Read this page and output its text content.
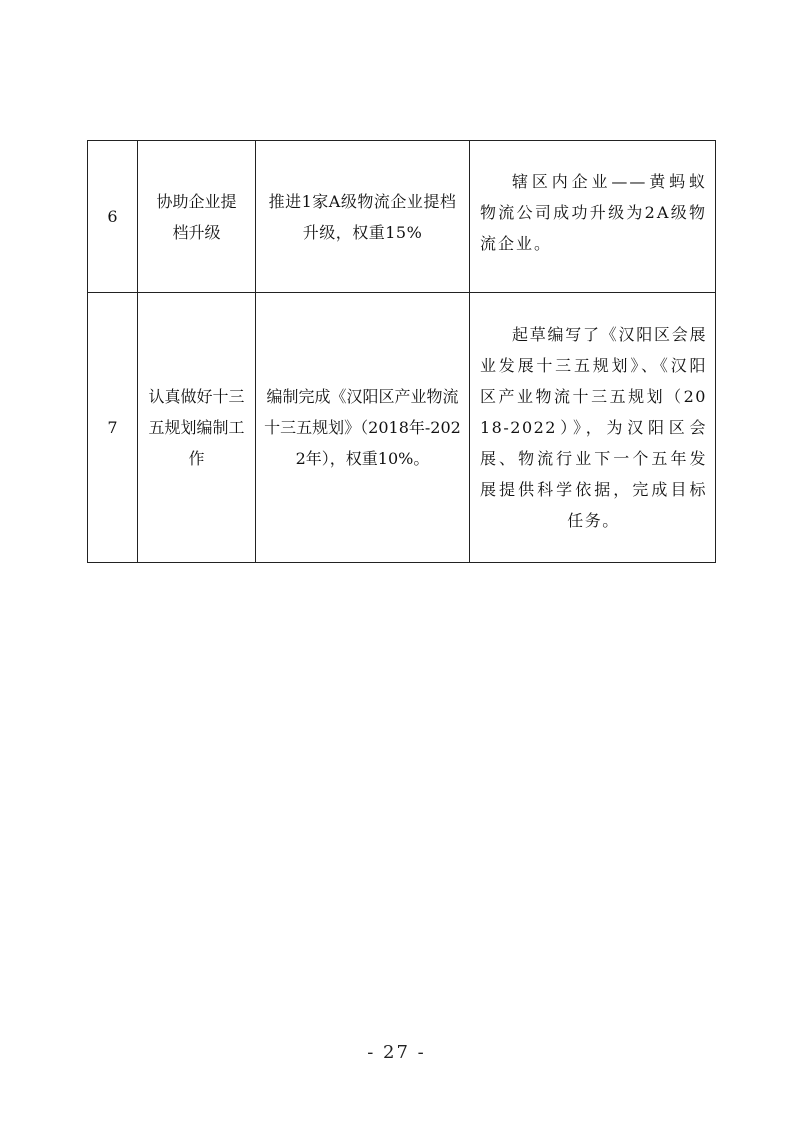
6	协助企业提档升级	推进1家A级物流企业提档升级，权重15%	辖区内企业——黄蚂蚁物流公司成功升级为2A级物流企业。

7	认真做好十三五规划编制工作	编制完成《汉阳区产业物流十三五规划》（2018年-2022年），权重10%。	起草编写了《汉阳区会展业发展十三五规划》、《汉阳区产业物流十三五规划（2018-2022）》，为汉阳区会展、物流行业下一个五年发展提供科学依据，完成目标任务。
- 27 -
